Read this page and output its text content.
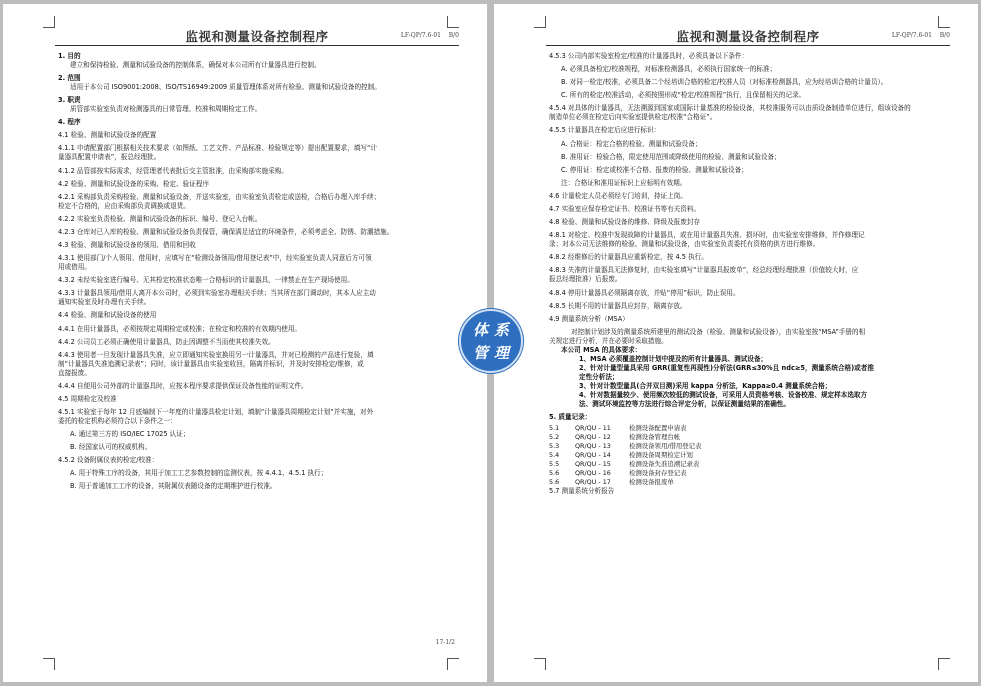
监视和测量设备控制程序	LF-QP/7.6-01 B/0
1. 目的
建立和保持检验、测量和试验设备的控制体系，确保对本公司所有计量器具进行控制。
2. 范围
适用于本公司 ISO9001:2008、ISO/TS16949:2009 质量管理体系对所有检验、测量和试验设备的控制。
3. 职责
质管部实验室负责对检测器具的日常管理、校准和周期检定工作。
4. 程序
4.1 检验、测量和试验设备的配置
4.1.1 申请配置部门根据相关技术要求（如图纸、工艺文件、产品标准、检验规定等）提出配置要求，填写“计
量器具配置申请表”，报总经理批。
4.1.2 品管部按实际需求，经管理者代表批后交主管批准，由采购部实施采购。
4.2 检验、测量和试验设备的采购、检定、验证程序
4.2.1 采购部负责采购检验、测量和试验设备，并送实验室，由实验室负责检定或送检，合格后办理入库手续；
检定不合格的，应由采购部负责调换或退货。
4.2.2 实验室负责检验、测量和试验设备的标识、编号、登记入台帐。
4.2.3 仓库对已入库的检验、测量和试验设备负责保管，确保满足适宜的环境条件，必须考虑全、防锈、防潮措施。
4.3 检验、测量和试验设备的领用、借用和回收
4.3.1 使用部门/个人领用、借用时，应填写在“检测设备领用/借用登记表”中，经实验室负责人同意后方可领
用或借用。
4.3.2 未经实验室进行编号、无其检定校准状态唯一合格标识的计量器具，一律禁止在生产现场使用。
4.3.3 计量器具领用/借用人离开本公司时，必须到实验室办理相关手续；当其所在部门调动时，其本人应主动
通知实验室及时办理有关手续。
4.4 检验、测量和试验设备的使用
4.4.1 在用计量器具，必须按规定周期检定或校准；在检定和校准的有效期内使用。
4.4.2 公司员工必须正确使用计量器具，防止因调整不当而使其校准失效。
4.4.3 使用者一旦发现计量器具失准，应立即通知实验室换用另一计量器具，并对已检测的产品进行复验，填
制“计量器具失准追溯记录表”；同时，该计量器具由实验室收回，隔离并标识，并及时安排检定/维修，或
直接报废。
4.4.4 自便用公司外部的计量器具时，应按本程序要求提供保证设备性能的证明文件。
4.5 周期检定及校准
4.5.1 实验室于每年 12 月底编制下一年度的计量器具检定计划，填制“计量器具周期检定计划”并实施，对外
委托的检定机构必须符合以下条件之一：
A. 通过第三方的 ISO/IEC 17025 认证；
B. 经国家认可的权威机构。
4.5.2 设备附属仪表的检定/校准：
A. 用于特殊工序的设备，其用于加工工艺参数控制的监测仪表，按 4.4.1、4.5.1 执行；
B. 用于普通加工工序的设备，其附属仪表随设备的定期维护进行校准。
17-1/2
监视和测量设备控制程序	LF-QP/7.6-01 B/0
4.5.3 公司内部实验室检定/校准的计量器具时，必须具备以下条件：
A. 必须具备检定/校准规程，对标准检测器具，必须执行国家统一的标准；
B. 对同一检定/校准，必须具备二个经培训合格的检定/校准人员（对标准检测器具，应为经培训合格的计量员）。
C. 所有的检定/校准活动，必须按照形成“检定/校准规程”执行，且保留相关的记录。
4.5.4 对具体的计量器具，无法溯源到国家或国际计量基准的检验设备，其校准服务可以由质设备制造单位进行，组该设备的
制造单位必须在检定后向实验室提供检定/校准“合格证”。
4.5.5 计量器具在检定后应进行标识：
A. 合格证：检定合格的检验、测量和试验设备；
B. 准用证：检验合格，限定使用范围或降级使用的检验、测量和试验设备；
C. 停用证：检定或校准不合格、报废的检验、测量和试验设备；
注：合格证和准用证标识上应标明有效期。
4.6 计量检定人员必须经专门培训，持证上岗。
4.7 实验室应保存检定证书、校准证书等有关资料。
4.8 检验、测量和试验设备的维修、降级及报废封存
4.8.1 对检定、校准中发现故障的计量器具，或在用计量器具失准、损坏时，由实验室安排维修，并作修理记
录；对本公司无法维修的检验、测量和试验设备，由实验室负责委托有资格的供方进行维修。
4.8.2 经维修后的计量器具应重新检定，按 4.5 执行。
4.8.3 失准的计量器具无法修复时，由实验室填写“计量器具报废单”，经总经理经理批准（价值较大时，应
报总经理批准）后报废。
4.8.4 停用计量器具必须隔离存放，并贴“停用”标识，防止误用。
4.8.5 长期不用的计量器具应封存，隔离存放。
4.9 测量系统分析（MSA）
对控制计划涉及的测量系统所建里的测试设备（检验、测量和试验设备），由实验室按“MSA”手册的相
关规定进行分析，并在必要时采取措施。
本公司 MSA 的具体要求：
1、MSA 必须覆盖控制计划中提及的所有计量器具、测试设备；
2、针对计量型量具采用 GRR(重复性再现性)分析法(GRR≤30%且 ndc≥5，测量系统合格)或者推
定性分析法；
3、针对计数型量具(合并双目测)采用 kappa 分析法，Kappa≥0.4 测量系统合格；
4、针对数据量较少、使用频次较低的测试设备，可采用人员资格考核、设备校准、规定样本选取方
法、测试环境监控等方法进行综合评定分析，以保证测量结果的准确性。
5. 质量记录：
5.1	QR/QU - 11	检测设备配置申请表
5.2	QR/QU - 12	检测设备管理台帐
5.3	QR/QU - 13	检测设备领用/借用登记表
5.4	QR/QU - 14	检测设备周期检定计划
5.5	QR/QU - 15	检测设备失准追溯记录表
5.6	QR/QU - 16	检测设备封存登记表
5.6	QR/QU - 17	检测设备报废单
5.7 测量系统分析报告
体系
管理
